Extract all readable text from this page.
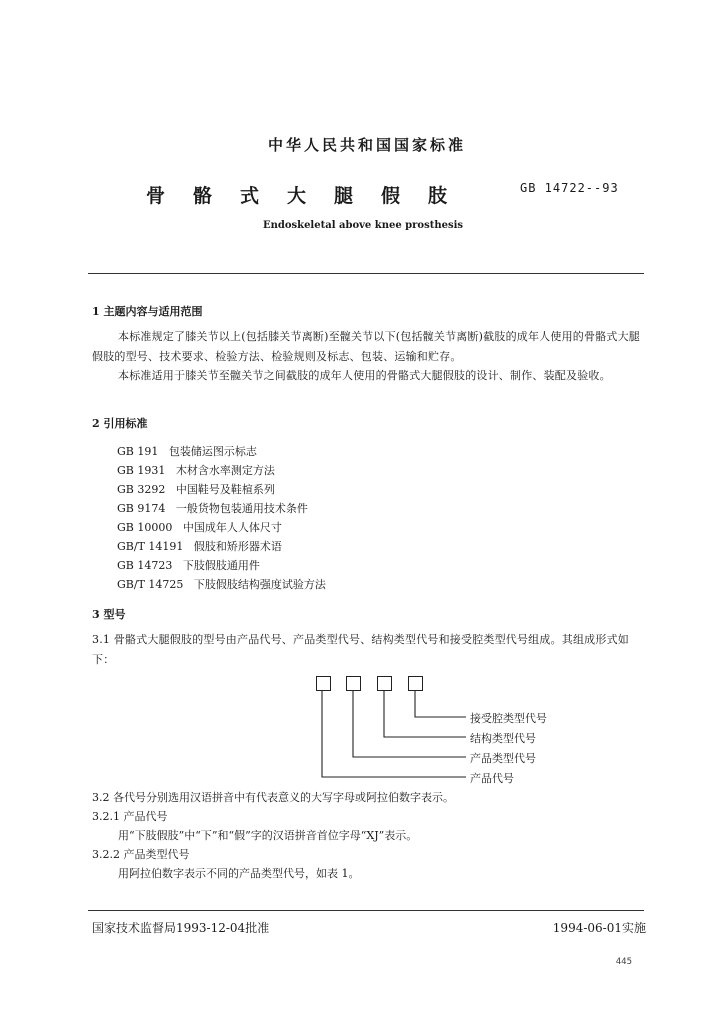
中华人民共和国国家标准
骨骼式大腿假肢	GB 14722--93
Endoskeletal above knee prosthesis
1 主题内容与适用范围
本标准规定了膝关节以上(包括膝关节离断)至髋关节以下(包括髋关节离断)截肢的成年人使用的骨骼式大腿假肢的型号、技术要求、检验方法、检验规则及标志、包装、运输和贮存。
本标准适用于膝关节至髋关节之间截肢的成年人使用的骨骼式大腿假肢的设计、制作、装配及验收。
2 引用标准
GB 191 包装储运图示标志
GB 1931 木材含水率测定方法
GB 3292 中国鞋号及鞋楦系列
GB 9174 一般货物包装通用技术条件
GB 10000 中国成年人人体尺寸
GB/T 14191 假肢和矫形器术语
GB 14723 下肢假肢通用件
GB/T 14725 下肢假肢结构强度试验方法
3 型号
3.1 骨骼式大腿假肢的型号由产品代号、产品类型代号、结构类型代号和接受腔类型代号组成。其组成形式如下：
接受腔类型代号
结构类型代号
产品类型代号
产品代号
3.2 各代号分别选用汉语拼音中有代表意义的大写字母或阿拉伯数字表示。
3.2.1 产品代号
用“下肢假肢”中“下”和“假”字的汉语拼音首位字母“XJ”表示。
3.2.2 产品类型代号
用阿拉伯数字表示不同的产品类型代号，如表 1。
国家技术监督局1993-12-04批准	1994-06-01实施
445
